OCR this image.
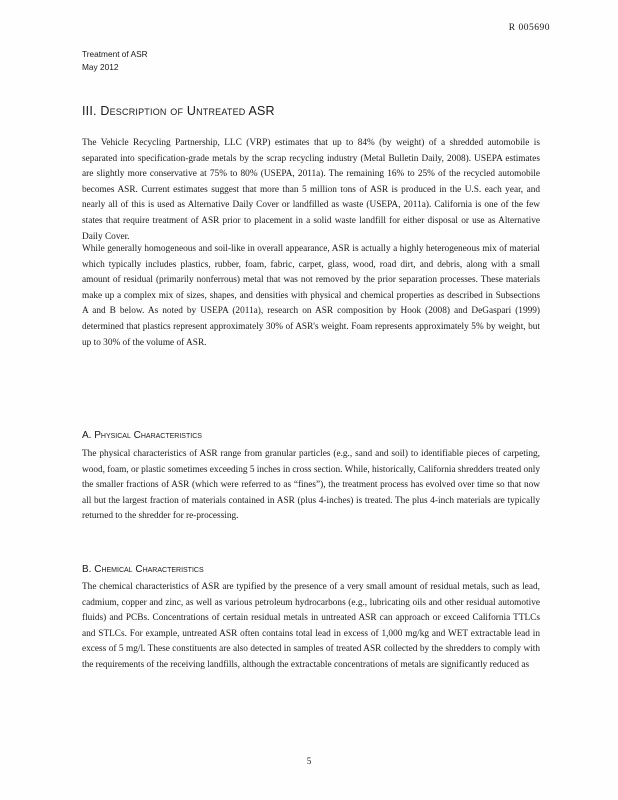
R 005690
Treatment of ASR
May 2012
III. Description of Untreated ASR

The Vehicle Recycling Partnership, LLC (VRP) estimates that up to 84% (by weight) of a shredded automobile is separated into specification-grade metals by the scrap recycling industry (Metal Bulletin Daily, 2008). USEPA estimates are slightly more conservative at 75% to 80% (USEPA, 2011a). The remaining 16% to 25% of the recycled automobile becomes ASR. Current estimates suggest that more than 5 million tons of ASR is produced in the U.S. each year, and nearly all of this is used as Alternative Daily Cover or landfilled as waste (USEPA, 2011a). California is one of the few states that require treatment of ASR prior to placement in a solid waste landfill for either disposal or use as Alternative Daily Cover.

While generally homogeneous and soil-like in overall appearance, ASR is actually a highly heterogeneous mix of material which typically includes plastics, rubber, foam, fabric, carpet, glass, wood, road dirt, and debris, along with a small amount of residual (primarily nonferrous) metal that was not removed by the prior separation processes. These materials make up a complex mix of sizes, shapes, and densities with physical and chemical properties as described in Subsections A and B below. As noted by USEPA (2011a), research on ASR composition by Hook (2008) and DeGaspari (1999) determined that plastics represent approximately 30% of ASR's weight. Foam represents approximately 5% by weight, but up to 30% of the volume of ASR.

A. Physical Characteristics

The physical characteristics of ASR range from granular particles (e.g., sand and soil) to identifiable pieces of carpeting, wood, foam, or plastic sometimes exceeding 5 inches in cross section. While, historically, California shredders treated only the smaller fractions of ASR (which were referred to as “fines”), the treatment process has evolved over time so that now all but the largest fraction of materials contained in ASR (plus 4-inches) is treated. The plus 4-inch materials are typically returned to the shredder for re-processing.

B. Chemical Characteristics

The chemical characteristics of ASR are typified by the presence of a very small amount of residual metals, such as lead, cadmium, copper and zinc, as well as various petroleum hydrocarbons (e.g., lubricating oils and other residual automotive fluids) and PCBs. Concentrations of certain residual metals in untreated ASR can approach or exceed California TTLCs and STLCs. For example, untreated ASR often contains total lead in excess of 1,000 mg/kg and WET extractable lead in excess of 5 mg/l. These constituents are also detected in samples of treated ASR collected by the shredders to comply with the requirements of the receiving landfills, although the extractable concentrations of metals are significantly reduced as

5
